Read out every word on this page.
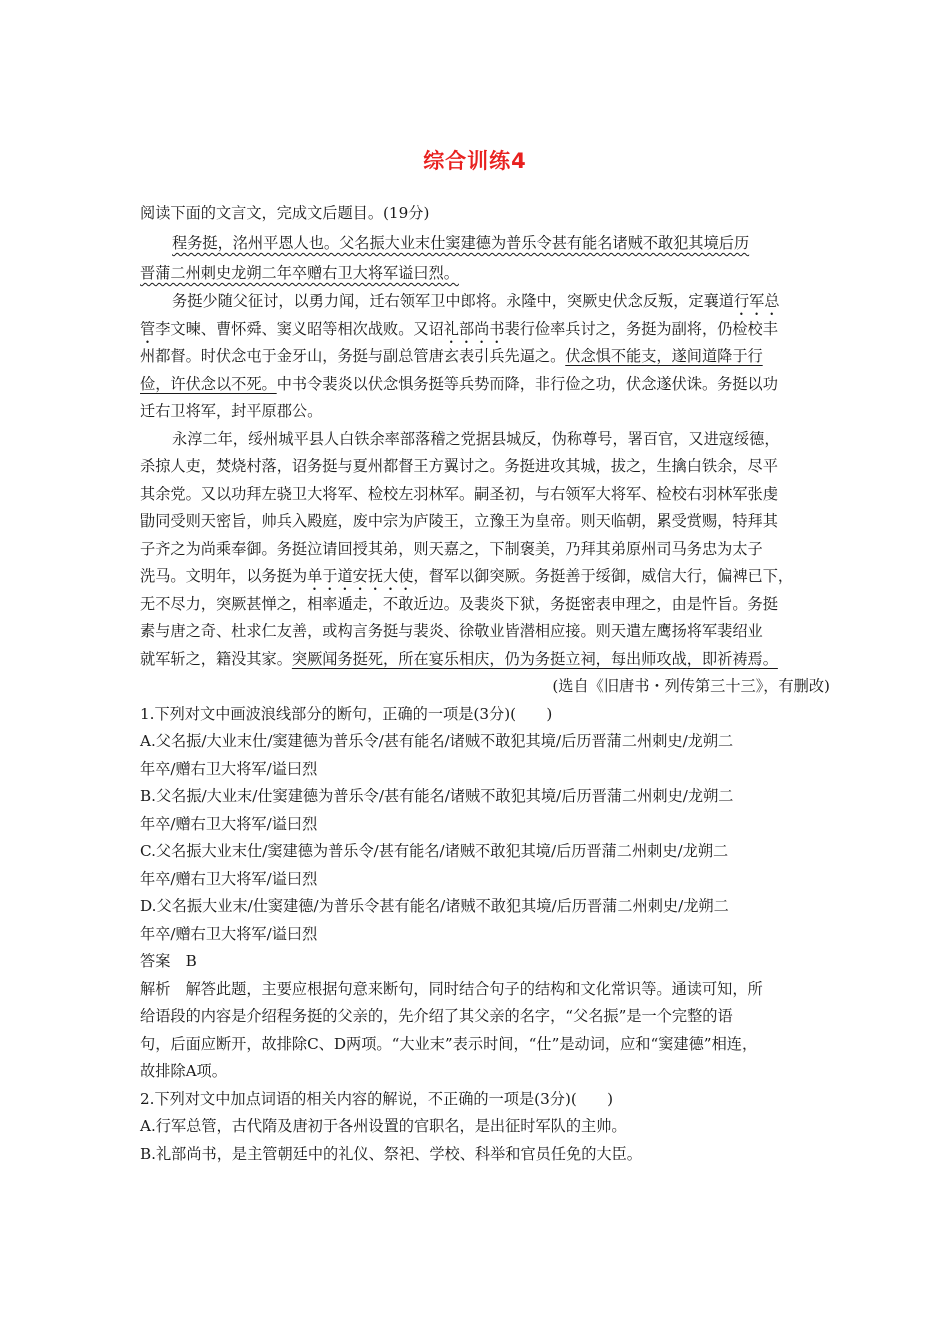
综合训练4
阅读下面的文言文，完成文后题目。(19分)
程务挺，洺州平恩人也。父名振大业末仕窦建德为普乐令甚有能名诸贼不敢犯其境后历
晋蒲二州刺史龙朔二年卒赠右卫大将军谥曰烈。
务挺少随父征讨，以勇力闻，迁右领军卫中郎将。永隆中，突厥史伏念反叛，定襄道行军总
管李文暕、曹怀舜、窦义昭等相次战败。又诏礼部尚书裴行俭率兵讨之，务挺为副将，仍检校丰
州都督。时伏念屯于金牙山，务挺与副总管唐玄表引兵先逼之。伏念惧不能支，遂间道降于行
俭，许伏念以不死。中书令裴炎以伏念惧务挺等兵势而降，非行俭之功，伏念遂伏诛。务挺以功
迁右卫将军，封平原郡公。
永淳二年，绥州城平县人白铁余率部落稽之党据县城反，伪称尊号，署百官，又进寇绥德，
杀掠人吏，焚烧村落，诏务挺与夏州都督王方翼讨之。务挺进攻其城，拔之，生擒白铁余，尽平
其余党。又以功拜左骁卫大将军、检校左羽林军。嗣圣初，与右领军大将军、检校右羽林军张虔
勖同受则天密旨，帅兵入殿庭，废中宗为庐陵王，立豫王为皇帝。则天临朝，累受赏赐，特拜其
子齐之为尚乘奉御。务挺泣请回授其弟，则天嘉之，下制褒美，乃拜其弟原州司马务忠为太子
洗马。文明年，以务挺为单于道安抚大使，督军以御突厥。务挺善于绥御，威信大行，偏裨已下，
无不尽力，突厥甚惮之，相率遁走，不敢近边。及裴炎下狱，务挺密表申理之，由是忤旨。务挺
素与唐之奇、杜求仁友善，或构言务挺与裴炎、徐敬业皆潜相应接。则天遣左鹰扬将军裴绍业
就军斩之，籍没其家。突厥闻务挺死，所在宴乐相庆，仍为务挺立祠，每出师攻战，即祈祷焉。
(选自《旧唐书・列传第三十三》，有删改)
1.下列对文中画波浪线部分的断句，正确的一项是(3分)(　　)
A.父名振/大业末仕/窦建德为普乐令/甚有能名/诸贼不敢犯其境/后历晋蒲二州刺史/龙朔二
年卒/赠右卫大将军/谥曰烈
B.父名振/大业末/仕窦建德为普乐令/甚有能名/诸贼不敢犯其境/后历晋蒲二州刺史/龙朔二
年卒/赠右卫大将军/谥曰烈
C.父名振大业末仕/窦建德为普乐令/甚有能名/诸贼不敢犯其境/后历晋蒲二州刺史/龙朔二
年卒/赠右卫大将军/谥曰烈
D.父名振大业末/仕窦建德/为普乐令甚有能名/诸贼不敢犯其境/后历晋蒲二州刺史/龙朔二
年卒/赠右卫大将军/谥曰烈
答案　B
解析　解答此题，主要应根据句意来断句，同时结合句子的结构和文化常识等。通读可知，所
给语段的内容是介绍程务挺的父亲的，先介绍了其父亲的名字，“父名振”是一个完整的语
句，后面应断开，故排除C、D两项。“大业末”表示时间，“仕”是动词，应和“窦建德”相连，
故排除A项。
2.下列对文中加点词语的相关内容的解说，不正确的一项是(3分)(　　)
A.行军总管，古代隋及唐初于各州设置的官职名，是出征时军队的主帅。
B.礼部尚书，是主管朝廷中的礼仪、祭祀、学校、科举和官员任免的大臣。
